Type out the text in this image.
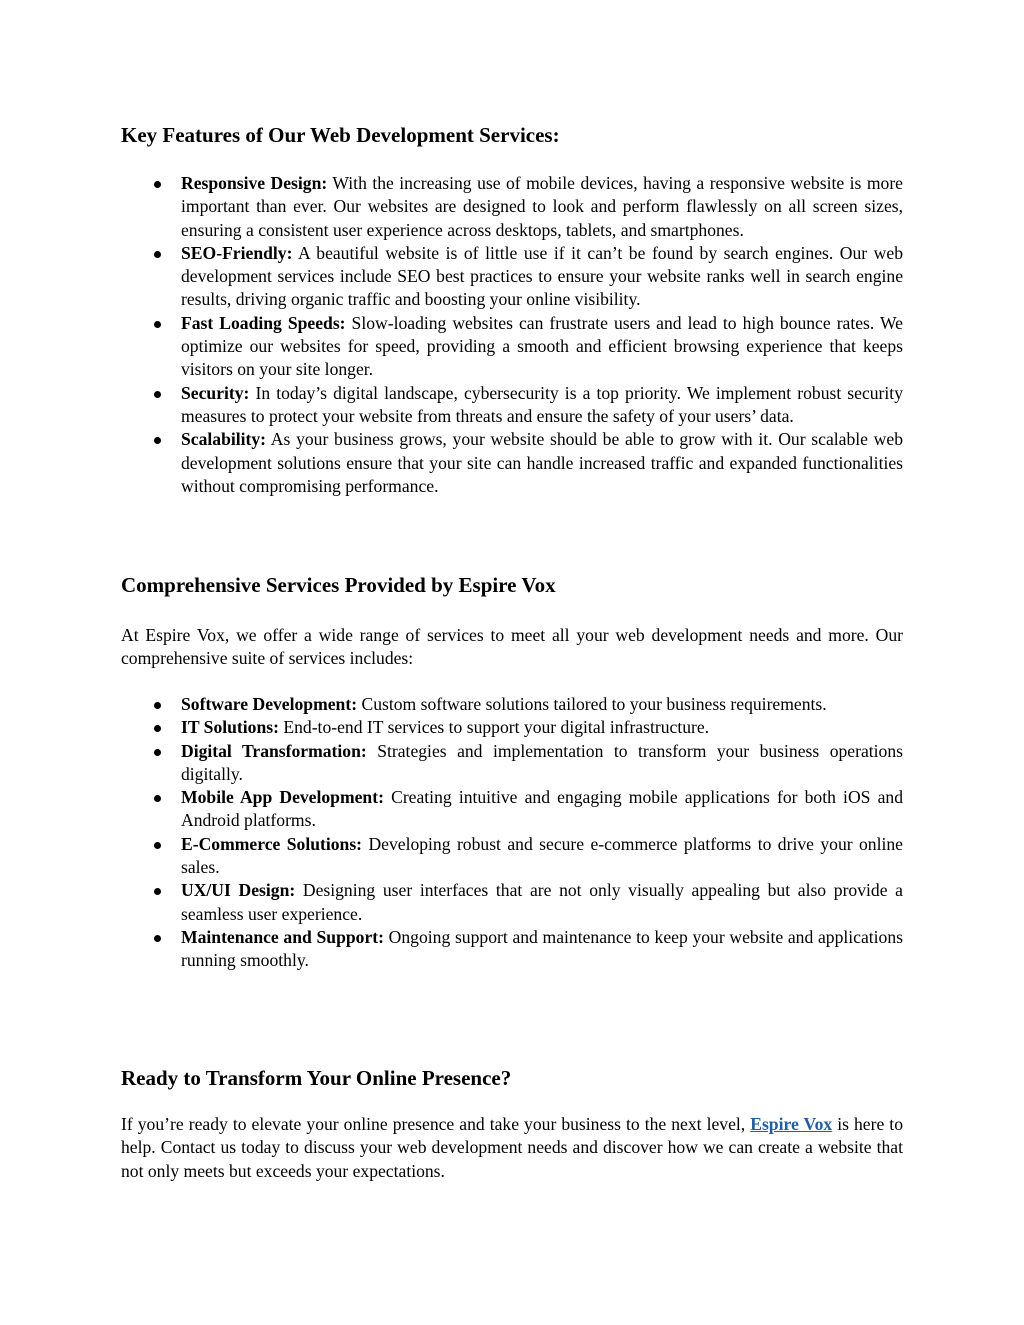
Key Features of Our Web Development Services:
Responsive Design: With the increasing use of mobile devices, having a responsive website is more important than ever. Our websites are designed to look and perform flawlessly on all screen sizes, ensuring a consistent user experience across desktops, tablets, and smartphones.
SEO-Friendly: A beautiful website is of little use if it can’t be found by search engines. Our web development services include SEO best practices to ensure your website ranks well in search engine results, driving organic traffic and boosting your online visibility.
Fast Loading Speeds: Slow-loading websites can frustrate users and lead to high bounce rates. We optimize our websites for speed, providing a smooth and efficient browsing experience that keeps visitors on your site longer.
Security: In today’s digital landscape, cybersecurity is a top priority. We implement robust security measures to protect your website from threats and ensure the safety of your users’ data.
Scalability: As your business grows, your website should be able to grow with it. Our scalable web development solutions ensure that your site can handle increased traffic and expanded functionalities without compromising performance.
Comprehensive Services Provided by Espire Vox

At Espire Vox, we offer a wide range of services to meet all your web development needs and more. Our comprehensive suite of services includes:

Software Development: Custom software solutions tailored to your business requirements.
IT Solutions: End-to-end IT services to support your digital infrastructure.
Digital Transformation: Strategies and implementation to transform your business operations digitally.
Mobile App Development: Creating intuitive and engaging mobile applications for both iOS and Android platforms.
E-Commerce Solutions: Developing robust and secure e-commerce platforms to drive your online sales.
UX/UI Design: Designing user interfaces that are not only visually appealing but also provide a seamless user experience.
Maintenance and Support: Ongoing support and maintenance to keep your website and applications running smoothly.
Ready to Transform Your Online Presence?

If you’re ready to elevate your online presence and take your business to the next level, Espire Vox is here to help. Contact us today to discuss your web development needs and discover how we can create a website that not only meets but exceeds your expectations.
